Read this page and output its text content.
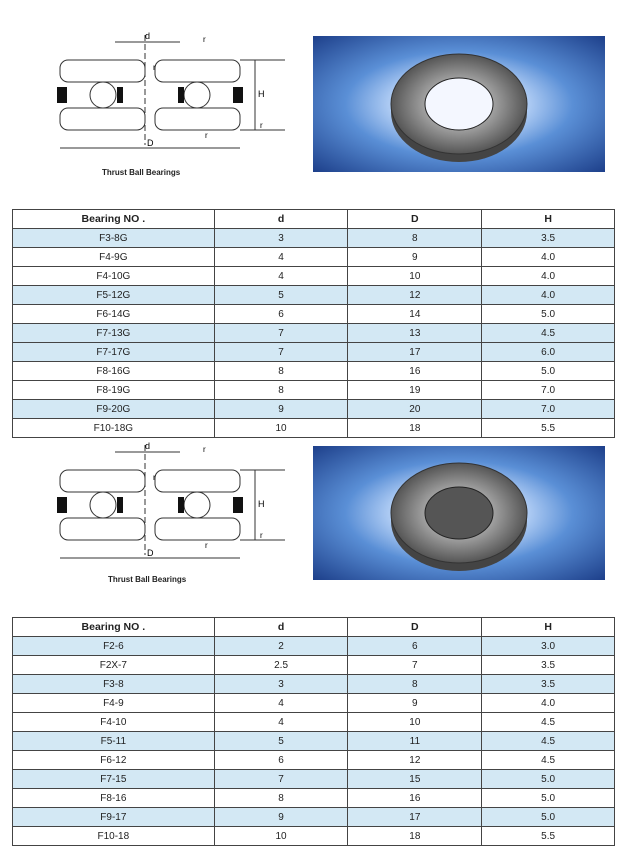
d
D
H
r
r
r
r
Thrust Ball Bearings
Bearing NO .	d	D	H
F3-8G	3	8	3.5
F4-9G	4	9	4.0
F4-10G	4	10	4.0
F5-12G	5	12	4.0
F6-14G	6	14	5.0
F7-13G	7	13	4.5
F7-17G	7	17	6.0
F8-16G	8	16	5.0
F8-19G	8	19	7.0
F9-20G	9	20	7.0
F10-18G	10	18	5.5
d
D
H
r
r
r
r
Thrust Ball Bearings
Bearing NO .	d	D	H
F2-6	2	6	3.0
F2X-7	2.5	7	3.5
F3-8	3	8	3.5
F4-9	4	9	4.0
F4-10	4	10	4.5
F5-11	5	11	4.5
F6-12	6	12	4.5
F7-15	7	15	5.0
F8-16	8	16	5.0
F9-17	9	17	5.0
F10-18	10	18	5.5
